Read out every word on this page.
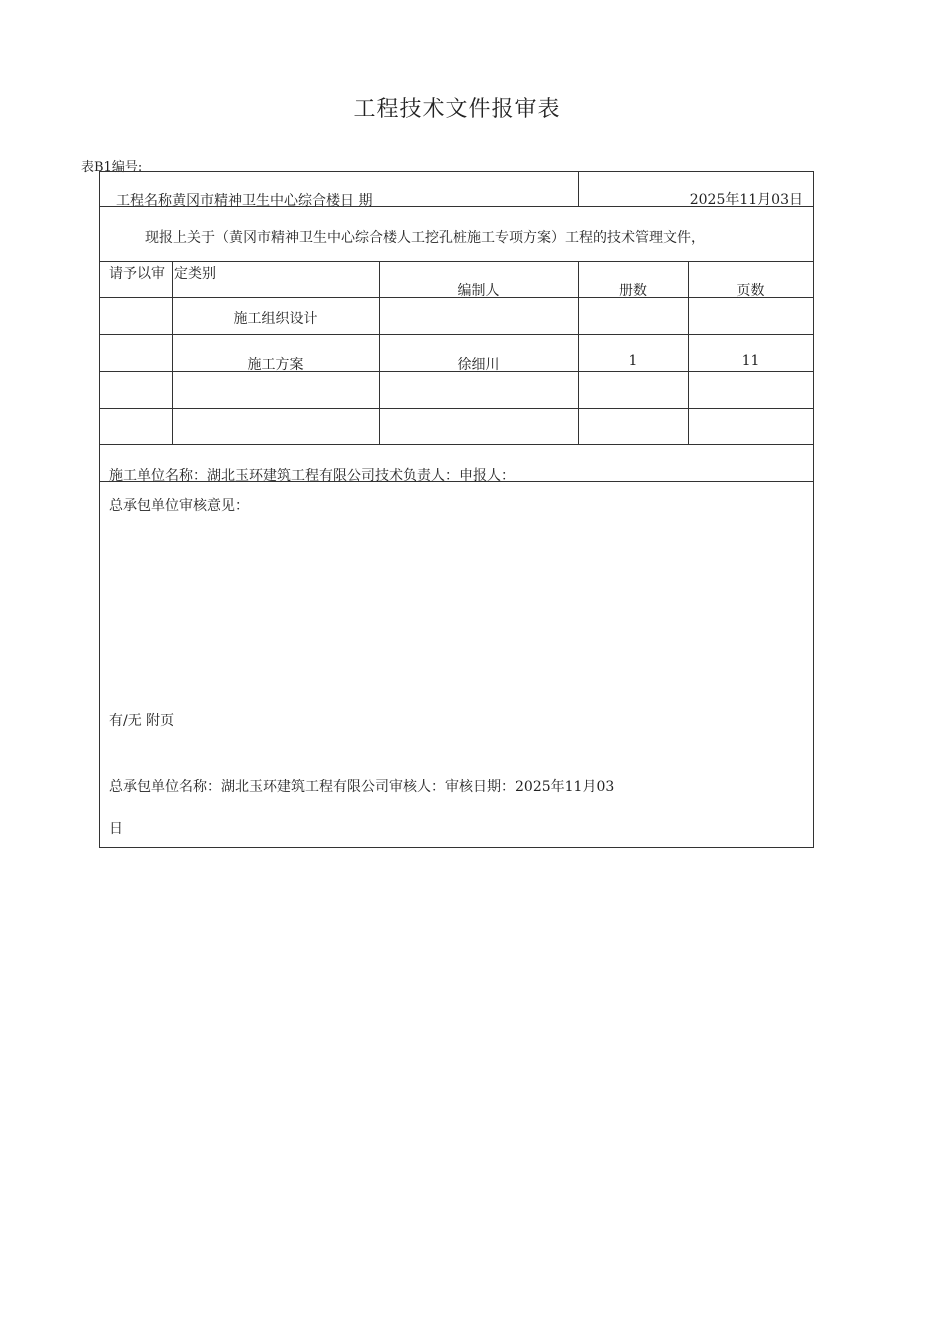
工程技术文件报审表
表B1编号:
工程名称黄冈市精神卫生中心综合楼日 期	2025年11月03日
现报上关于（黄冈市精神卫生中心综合楼人工挖孔桩施工专项方案）工程的技术管理文件，
请予以审 定类别
编制人	册数	页数
施工组织设计
施工方案	徐细川	1	11
施工单位名称：湖北玉环建筑工程有限公司技术负责人：申报人：
总承包单位审核意见：
有/无 附页
总承包单位名称：湖北玉环建筑工程有限公司审核人：审核日期：2025年11月03
日
